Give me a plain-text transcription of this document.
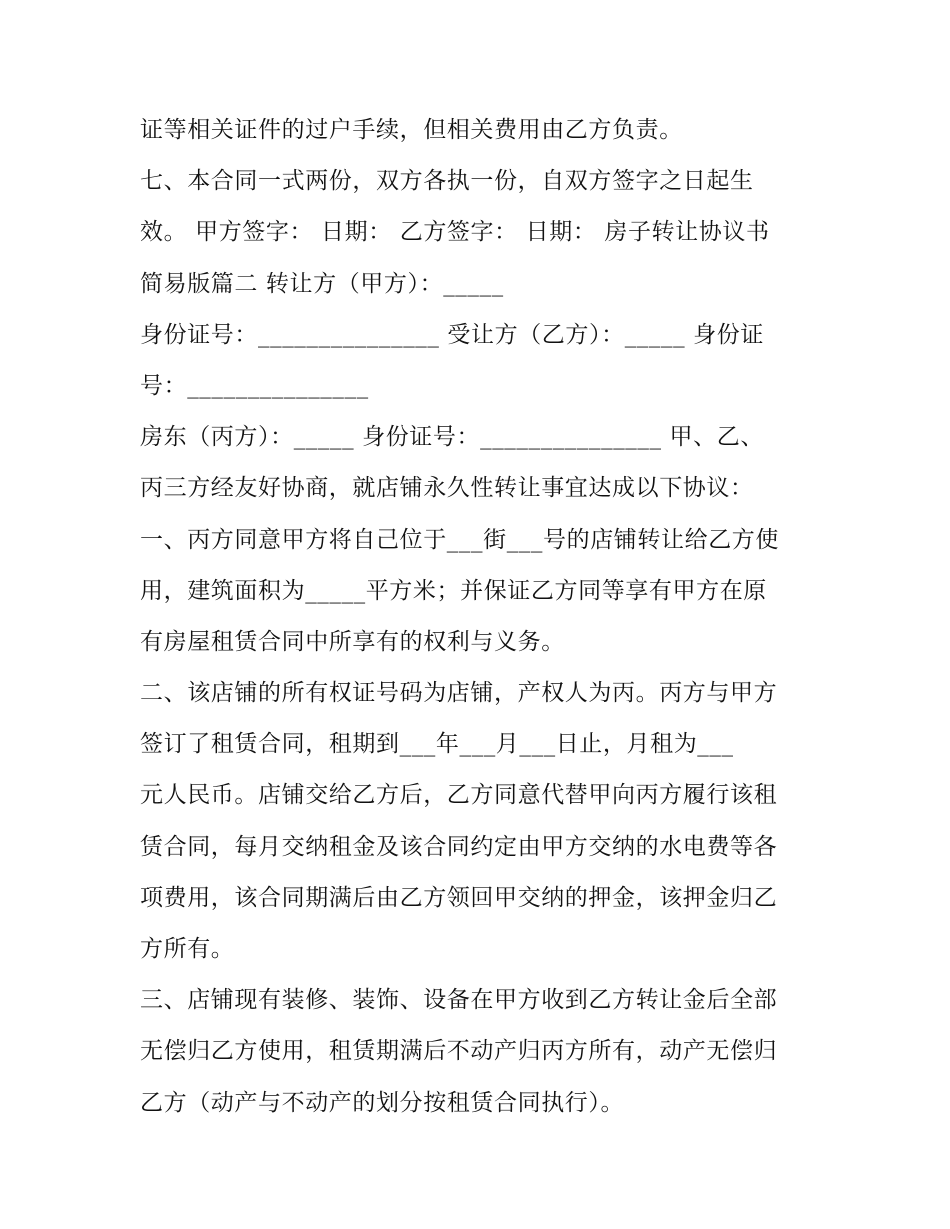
证等相关证件的过户手续，但相关费用由乙方负责。
七、本合同一式两份，双方各执一份，自双方签字之日起生
效。 甲方签字： 日期： 乙方签字： 日期： 房子转让协议书
简易版篇二 转让方（甲方）：_____
身份证号：_______________ 受让方（乙方）：_____ 身份证
号：_______________
房东（丙方）：_____ 身份证号：_______________ 甲、乙、
丙三方经友好协商，就店铺永久性转让事宜达成以下协议：
一、丙方同意甲方将自己位于___街___号的店铺转让给乙方使
用，建筑面积为_____平方米；并保证乙方同等享有甲方在原
有房屋租赁合同中所享有的权利与义务。
二、该店铺的所有权证号码为店铺，产权人为丙。丙方与甲方
签订了租赁合同，租期到___年___月___日止，月租为___
元人民币。店铺交给乙方后，乙方同意代替甲向丙方履行该租
赁合同，每月交纳租金及该合同约定由甲方交纳的水电费等各
项费用，该合同期满后由乙方领回甲交纳的押金，该押金归乙
方所有。
三、店铺现有装修、装饰、设备在甲方收到乙方转让金后全部
无偿归乙方使用，租赁期满后不动产归丙方所有，动产无偿归
乙方（动产与不动产的划分按租赁合同执行）。
